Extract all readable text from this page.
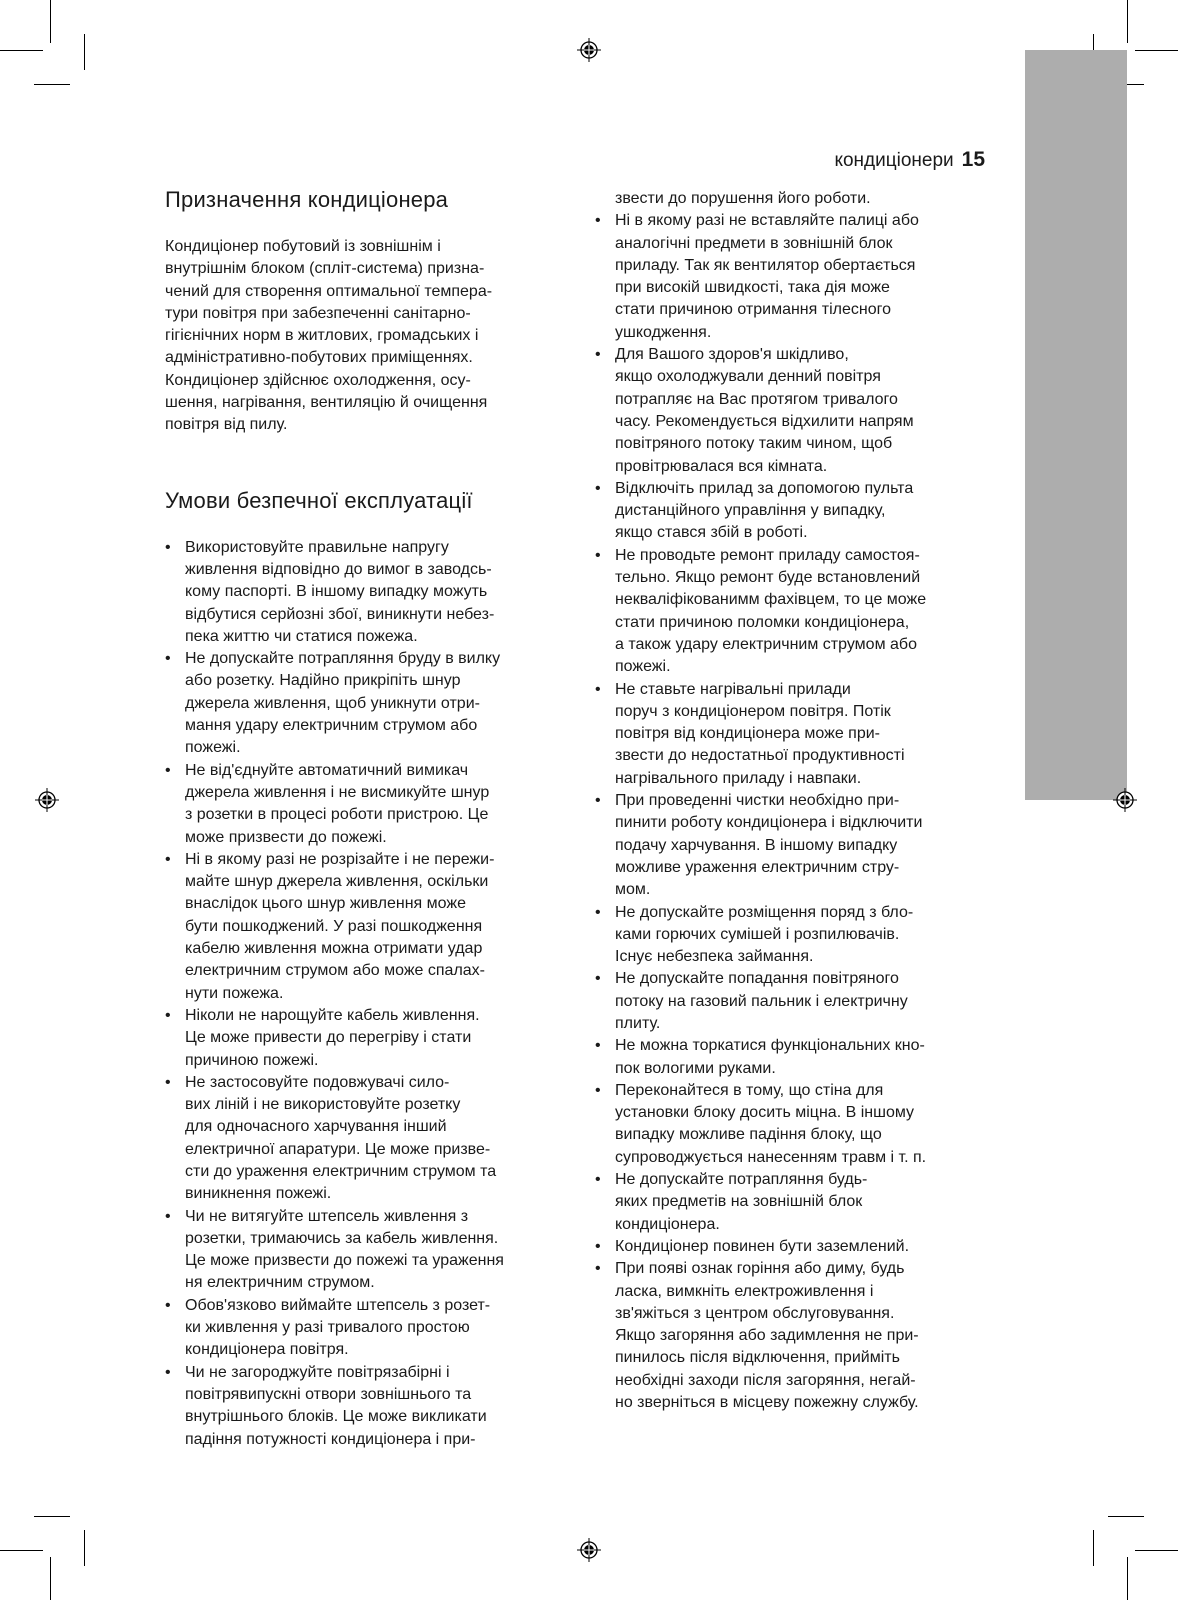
кондиціонери 15
Призначення кондиціонера

Кондиціонер побутовий із зовнішнім і
внутрішнім блоком (спліт-система) призна-
чений для створення оптимальної темпера-
тури повітря при забезпеченні санітарно-
гігієнічних норм в житлових, громадських і
адміністративно-побутових приміщеннях.
Кондиціонер здійснює охолодження, осу-
шення, нагрівання, вентиляцію й очищення
повітря від пилу.

Умови безпечної експлуатації
• Використовуйте правильне напругу
живлення відповідно до вимог в заводсь-
кому паспорті. В іншому випадку можуть
відбутися серйозні збої, виникнути небез-
пека життю чи статися пожежа.
• Не допускайте потрапляння бруду в вилку
або розетку. Надійно прикріпіть шнур
джерела живлення, щоб уникнути отри-
мання удару електричним струмом або
пожежі.
• Не від'єднуйте автоматичний вимикач
джерела живлення і не висмикуйте шнур
з розетки в процесі роботи пристрою. Це
може призвести до пожежі.
• Ні в якому разі не розрізайте і не пережи-
майте шнур джерела живлення, оскільки
внаслідок цього шнур живлення може
бути пошкоджений. У разі пошкодження
кабелю живлення можна отримати удар
електричним струмом або може спалах-
нути пожежа.
• Ніколи не нарощуйте кабель живлення.
Це може привести до перегріву і стати
причиною пожежі.
• Не застосовуйте подовжувачі сило-
вих ліній і не використовуйте розетку
для одночасного харчування інший
електричної апаратури. Це може призве-
сти до ураження електричним струмом та
виникнення пожежі.
• Чи не витягуйте штепсель живлення з
розетки, тримаючись за кабель живлення.
Це може призвести до пожежі та ураження
ня електричним струмом.
• Обов'язково виймайте штепсель з розет-
ки живлення у разі тривалого простою
кондиціонера повітря.
• Чи не загороджуйте повітрязабірні і
повітрявипускні отвори зовнішнього та
внутрішнього блоків. Це може викликати
падіння потужності кондиціонера і при-
звести до порушення його роботи.
• Ні в якому разі не вставляйте палиці або
аналогічні предмети в зовнішній блок
приладу. Так як вентилятор обертається
при високій швидкості, така дія може
стати причиною отримання тілесного
ушкодження.
• Для Вашого здоров'я шкідливо,
якщо охолоджували денний повітря
потрапляє на Вас протягом тривалого
часу. Рекомендується відхилити напрям
повітряного потоку таким чином, щоб
провітрювалася вся кімната.
• Відключіть прилад за допомогою пульта
дистанційного управління у випадку,
якщо стався збій в роботі.
• Не проводьте ремонт приладу самостоя-
тельно. Якщо ремонт буде встановлений
некваліфікованимм фахівцем, то це може
стати причиною поломки кондиціонера,
а також удару електричним струмом або
пожежі.
• Не ставьте нагрівальні прилади
поруч з кондиціонером повітря. Потік
повітря від кондиціонера може при-
звести до недостатньої продуктивності
нагрівального приладу і навпаки.
• При проведенні чистки необхідно при-
пинити роботу кондиціонера і відключити
подачу харчування. В іншому випадку
можливе ураження електричним стру-
мом.
• Не допускайте розміщення поряд з бло-
ками горючих сумішей і розпилювачів.
Існує небезпека займання.
• Не допускайте попадання повітряного
потоку на газовий пальник і електричну
плиту.
• Не можна торкатися функціональних кно-
пок вологими руками.
• Переконайтеся в тому, що стіна для
установки блоку досить міцна. В іншому
випадку можливе падіння блоку, що
супроводжується нанесенням травм і т. п.
• Не допускайте потрапляння будь-
яких предметів на зовнішній блок
кондиціонера.
• Кондиціонер повинен бути заземлений.
• При появі ознак горіння або диму, будь
ласка, вимкніть електроживлення і
зв'яжіться з центром обслуговування.
Якщо загоряння або задимлення не при-
пинилось після відключення, прийміть
необхідні заходи після загоряння, негай-
но зверніться в місцеву пожежну службу.
